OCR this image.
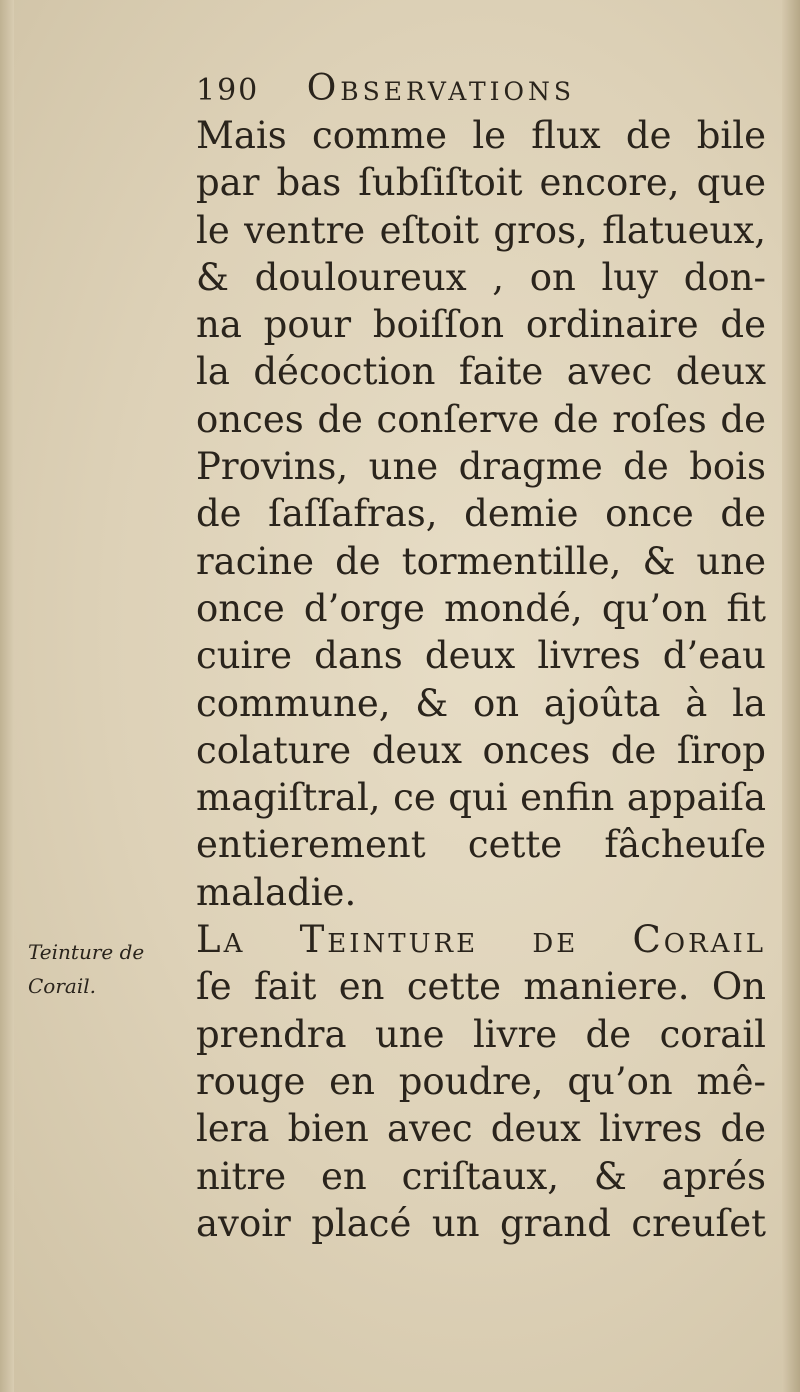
190 Observations
Teinture de
Corail.
Mais comme le flux de bile
par bas ſubſiſtoit encore, que
le ventre eſtoit gros, flatueux,
& douloureux , on luy don-
na pour boiſſon ordinaire de
la décoction faite avec deux
onces de conſerve de roſes de
Provins, une dragme de bois
de ſaſſafras, demie once de
racine de tormentille, & une
once d’orge mondé, qu’on fit
cuire dans deux livres d’eau
commune, & on ajoûta à la
colature deux onces de ſirop
magiſtral, ce qui enfin appaiſa
entierement cette fâcheuſe
maladie.
La Teinture de Corail
ſe fait en cette maniere. On
prendra une livre de corail
rouge en poudre, qu’on mê-
lera bien avec deux livres de
nitre en criſtaux, & aprés
avoir placé un grand creuſet
